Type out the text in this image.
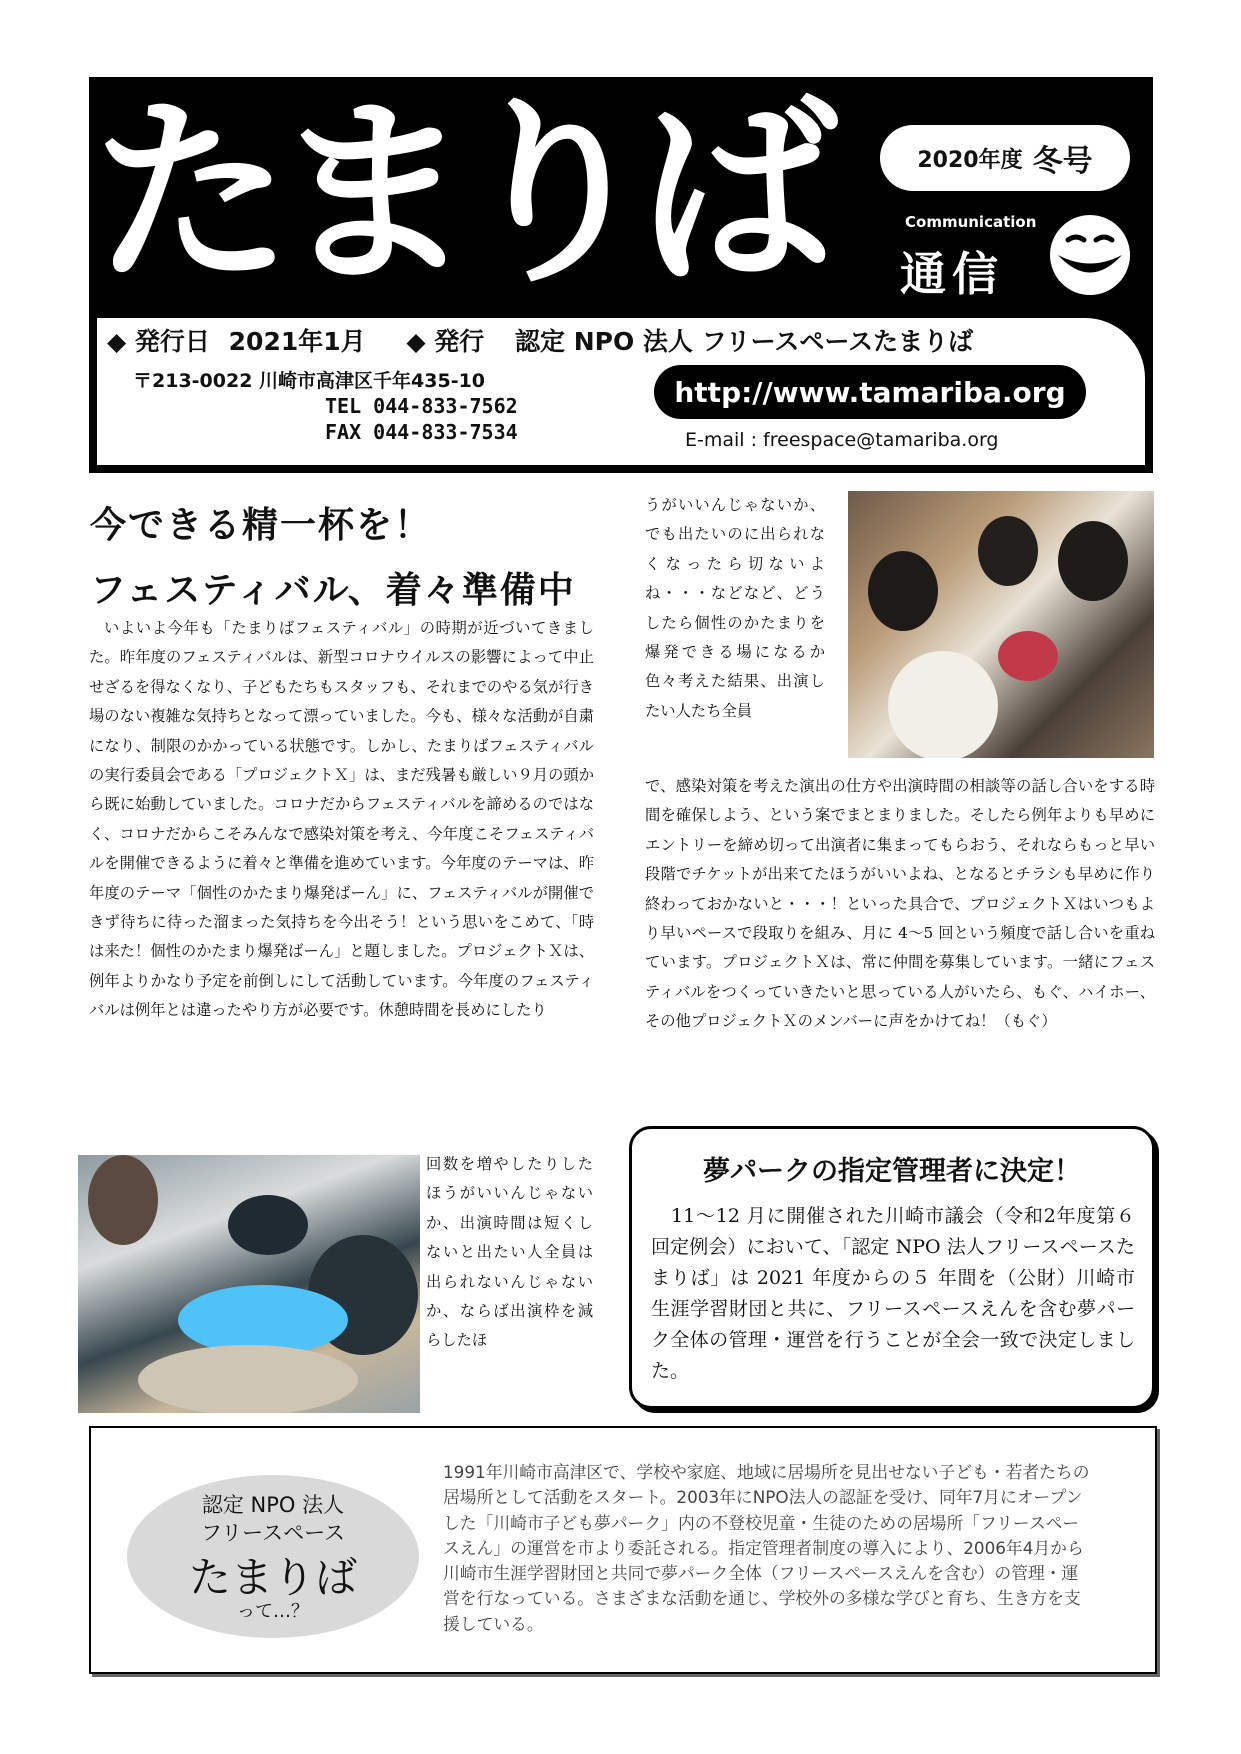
たまりば	2020年度 冬号
Communication
通信
◆ 発行日 2021年1月 ◆ 発行 認定 NPO 法人 フリースペースたまりば
〒213-0022 川崎市高津区千年435-10
TEL 044-833-7562
FAX 044-833-7534
http://www.tamariba.org
E-mail : freespace@tamariba.org
今できる精一杯を！
フェスティバル、着々準備中
いよいよ今年も「たまりばフェスティバル」の時期が近づいてきました。昨年度のフェスティバルは、新型コロナウイルスの影響によって中止せざるを得なくなり、子どもたちもスタッフも、それまでのやる気が行き場のない複雑な気持ちとなって漂っていました。今も、様々な活動が自粛になり、制限のかかっている状態です。しかし、たまりばフェスティバルの実行委員会である「プロジェクトＸ」は、まだ残暑も厳しい９月の頭から既に始動していました。コロナだからフェスティバルを諦めるのではなく、コロナだからこそみんなで感染対策を考え、今年度こそフェスティバルを開催できるように着々と準備を進めています。今年度のテーマは、昨年度のテーマ「個性のかたまり爆発ばーん」に、フェスティバルが開催できず待ちに待った溜まった気持ちを今出そう！という思いをこめて、「時は来た！個性のかたまり爆発ばーん」と題しました。プロジェクトＸは、例年よりかなり予定を前倒しにして活動しています。今年度のフェスティバルは例年とは違ったやり方が必要です。休憩時間を長めにしたり
回数を増やしたりしたほうがいいんじゃないか、出演時間は短くしないと出たい人全員は出られないんじゃないか、ならば出演枠を減らしたほ
うがいいんじゃないか、でも出たいのに出られなくなったら切ないよね・・・などなど、どうしたら個性のかたまりを爆発できる場になるか色々考えた結果、出演したい人たち全員
で、感染対策を考えた演出の仕方や出演時間の相談等の話し合いをする時間を確保しよう、という案でまとまりました。そしたら例年よりも早めにエントリーを締め切って出演者に集まってもらおう、それならもっと早い段階でチケットが出来てたほうがいいよね、となるとチラシも早めに作り終わっておかないと・・・！といった具合で、プロジェクトＸはいつもより早いペースで段取りを組み、月に 4〜5 回という頻度で話し合いを重ねています。プロジェクトＸは、常に仲間を募集しています。一緒にフェスティバルをつくっていきたいと思っている人がいたら、もぐ、ハイホー、その他プロジェクトＸのメンバーに声をかけてね！（もぐ）
夢パークの指定管理者に決定！
11〜12 月に開催された川崎市議会（令和2年度第６回定例会）において、「認定 NPO 法人フリースペースたまりば」は 2021 年度からの５ 年間を（公財）川崎市生涯学習財団と共に、フリースペースえんを含む夢パーク全体の管理・運営を行うことが全会一致で決定しました。
認定 NPO 法人
フリースペース
たまりば
って…？
1991年川崎市高津区で、学校や家庭、地域に居場所を見出せない子ども・若者たちの居場所として活動をスタート。2003年にNPO法人の認証を受け、同年7月にオープンした「川崎市子ども夢パーク」内の不登校児童・生徒のための居場所「フリースペースえん」の運営を市より委託される。指定管理者制度の導入により、2006年4月から川崎市生涯学習財団と共同で夢パーク全体（フリースペースえんを含む）の管理・運営を行なっている。さまざまな活動を通じ、学校外の多様な学びと育ち、生き方を支援している。
